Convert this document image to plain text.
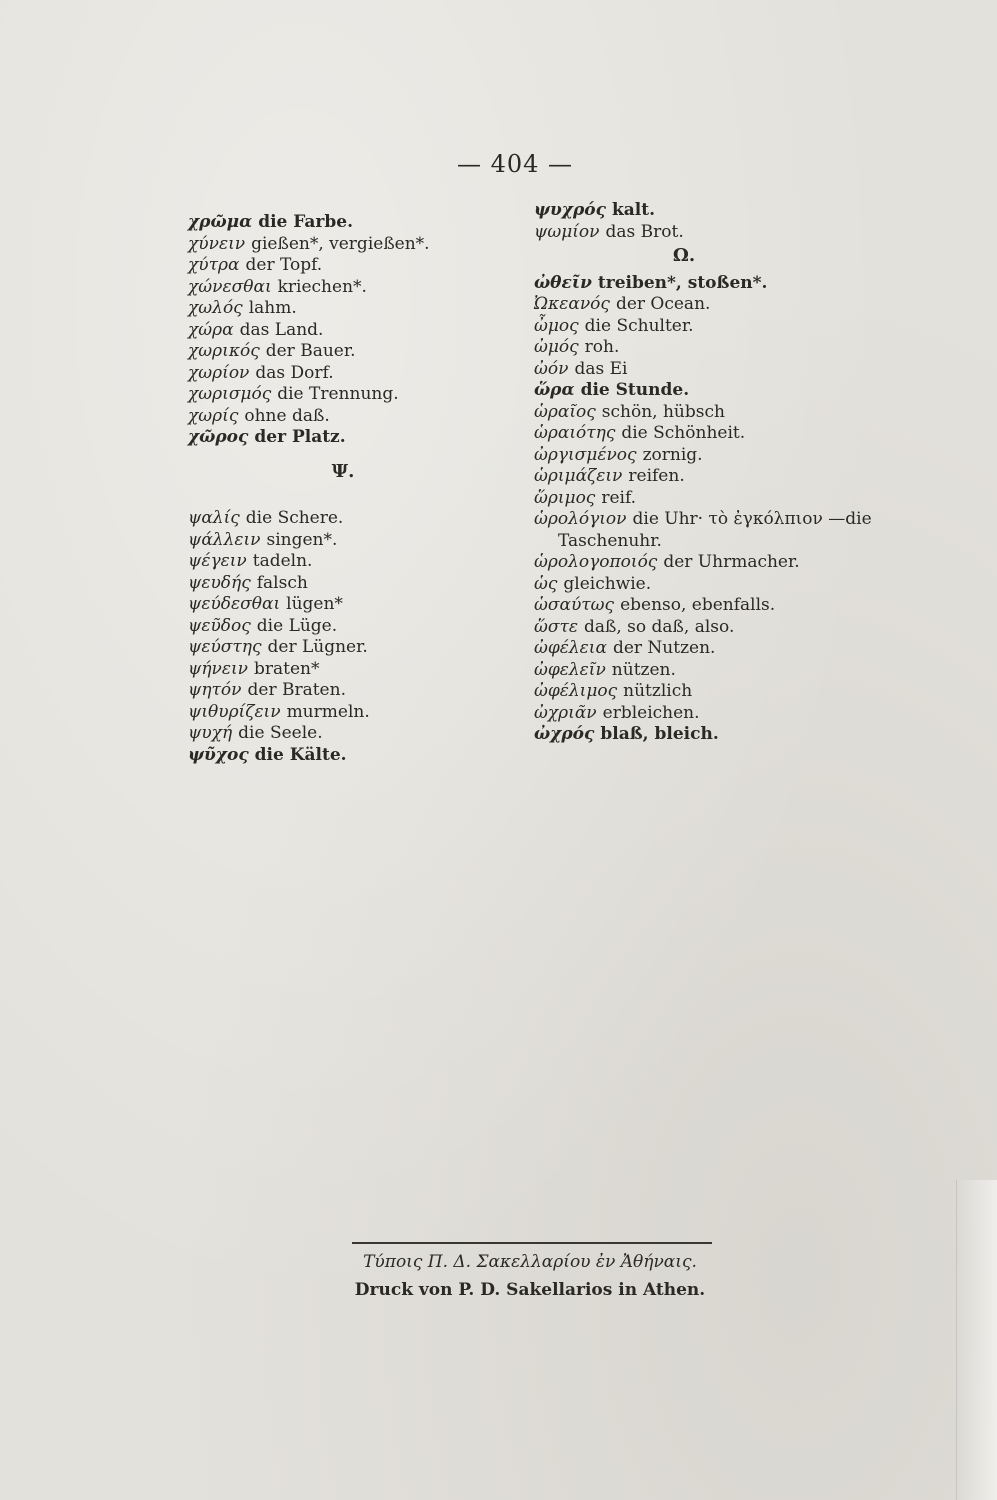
— 404 —
χρῶμα die Farbe.
χύνειν gießen*, vergießen*.
χύτρα der Topf.
χώνεσθαι kriechen*.
χωλός lahm.
χώρα das Land.
χωρικός der Bauer.
χωρίον das Dorf.
χωρισμός die Trennung.
χωρίς ohne daß.
χῶρος der Platz.
Ψ.
ψαλίς die Schere.
ψάλλειν singen*.
ψέγειν tadeln.
ψευδής falsch
ψεύδεσθαι lügen*
ψεῦδος die Lüge.
ψεύστης der Lügner.
ψήνειν braten*
ψητόν der Braten.
ψιθυρίζειν murmeln.
ψυχή die Seele.
ψῦχος die Kälte.
ψυχρός kalt.
ψωμίον das Brot.
Ω.
ὠθεῖν treiben*, stoßen*.
Ὠκεανός der Ocean.
ὦμος die Schulter.
ὠμός roh.
ὠόν das Ei
ὥρα die Stunde.
ὡραῖος schön, hübsch
ὡραιότης die Schönheit.
ὠργισμένος zornig.
ὡριμάζειν reifen.
ὥριμος reif.
ὡρολόγιον die Uhr· τὸ ἐγκόλπιον —die
Taschenuhr.
ὡρολογοποιός der Uhrmacher.
ὡς gleichwie.
ὡσαύτως ebenso, ebenfalls.
ὥστε daß, so daß, also.
ὠφέλεια der Nutzen.
ὠφελεῖν nützen.
ὠφέλιμος nützlich
ὠχριᾶν erbleichen.
ὠχρός blaß, bleich.
Τύποις Π. Δ. Σακελλαρίου ἐν Ἀθήναις.
Druck von P. D. Sakellarios in Athen.
